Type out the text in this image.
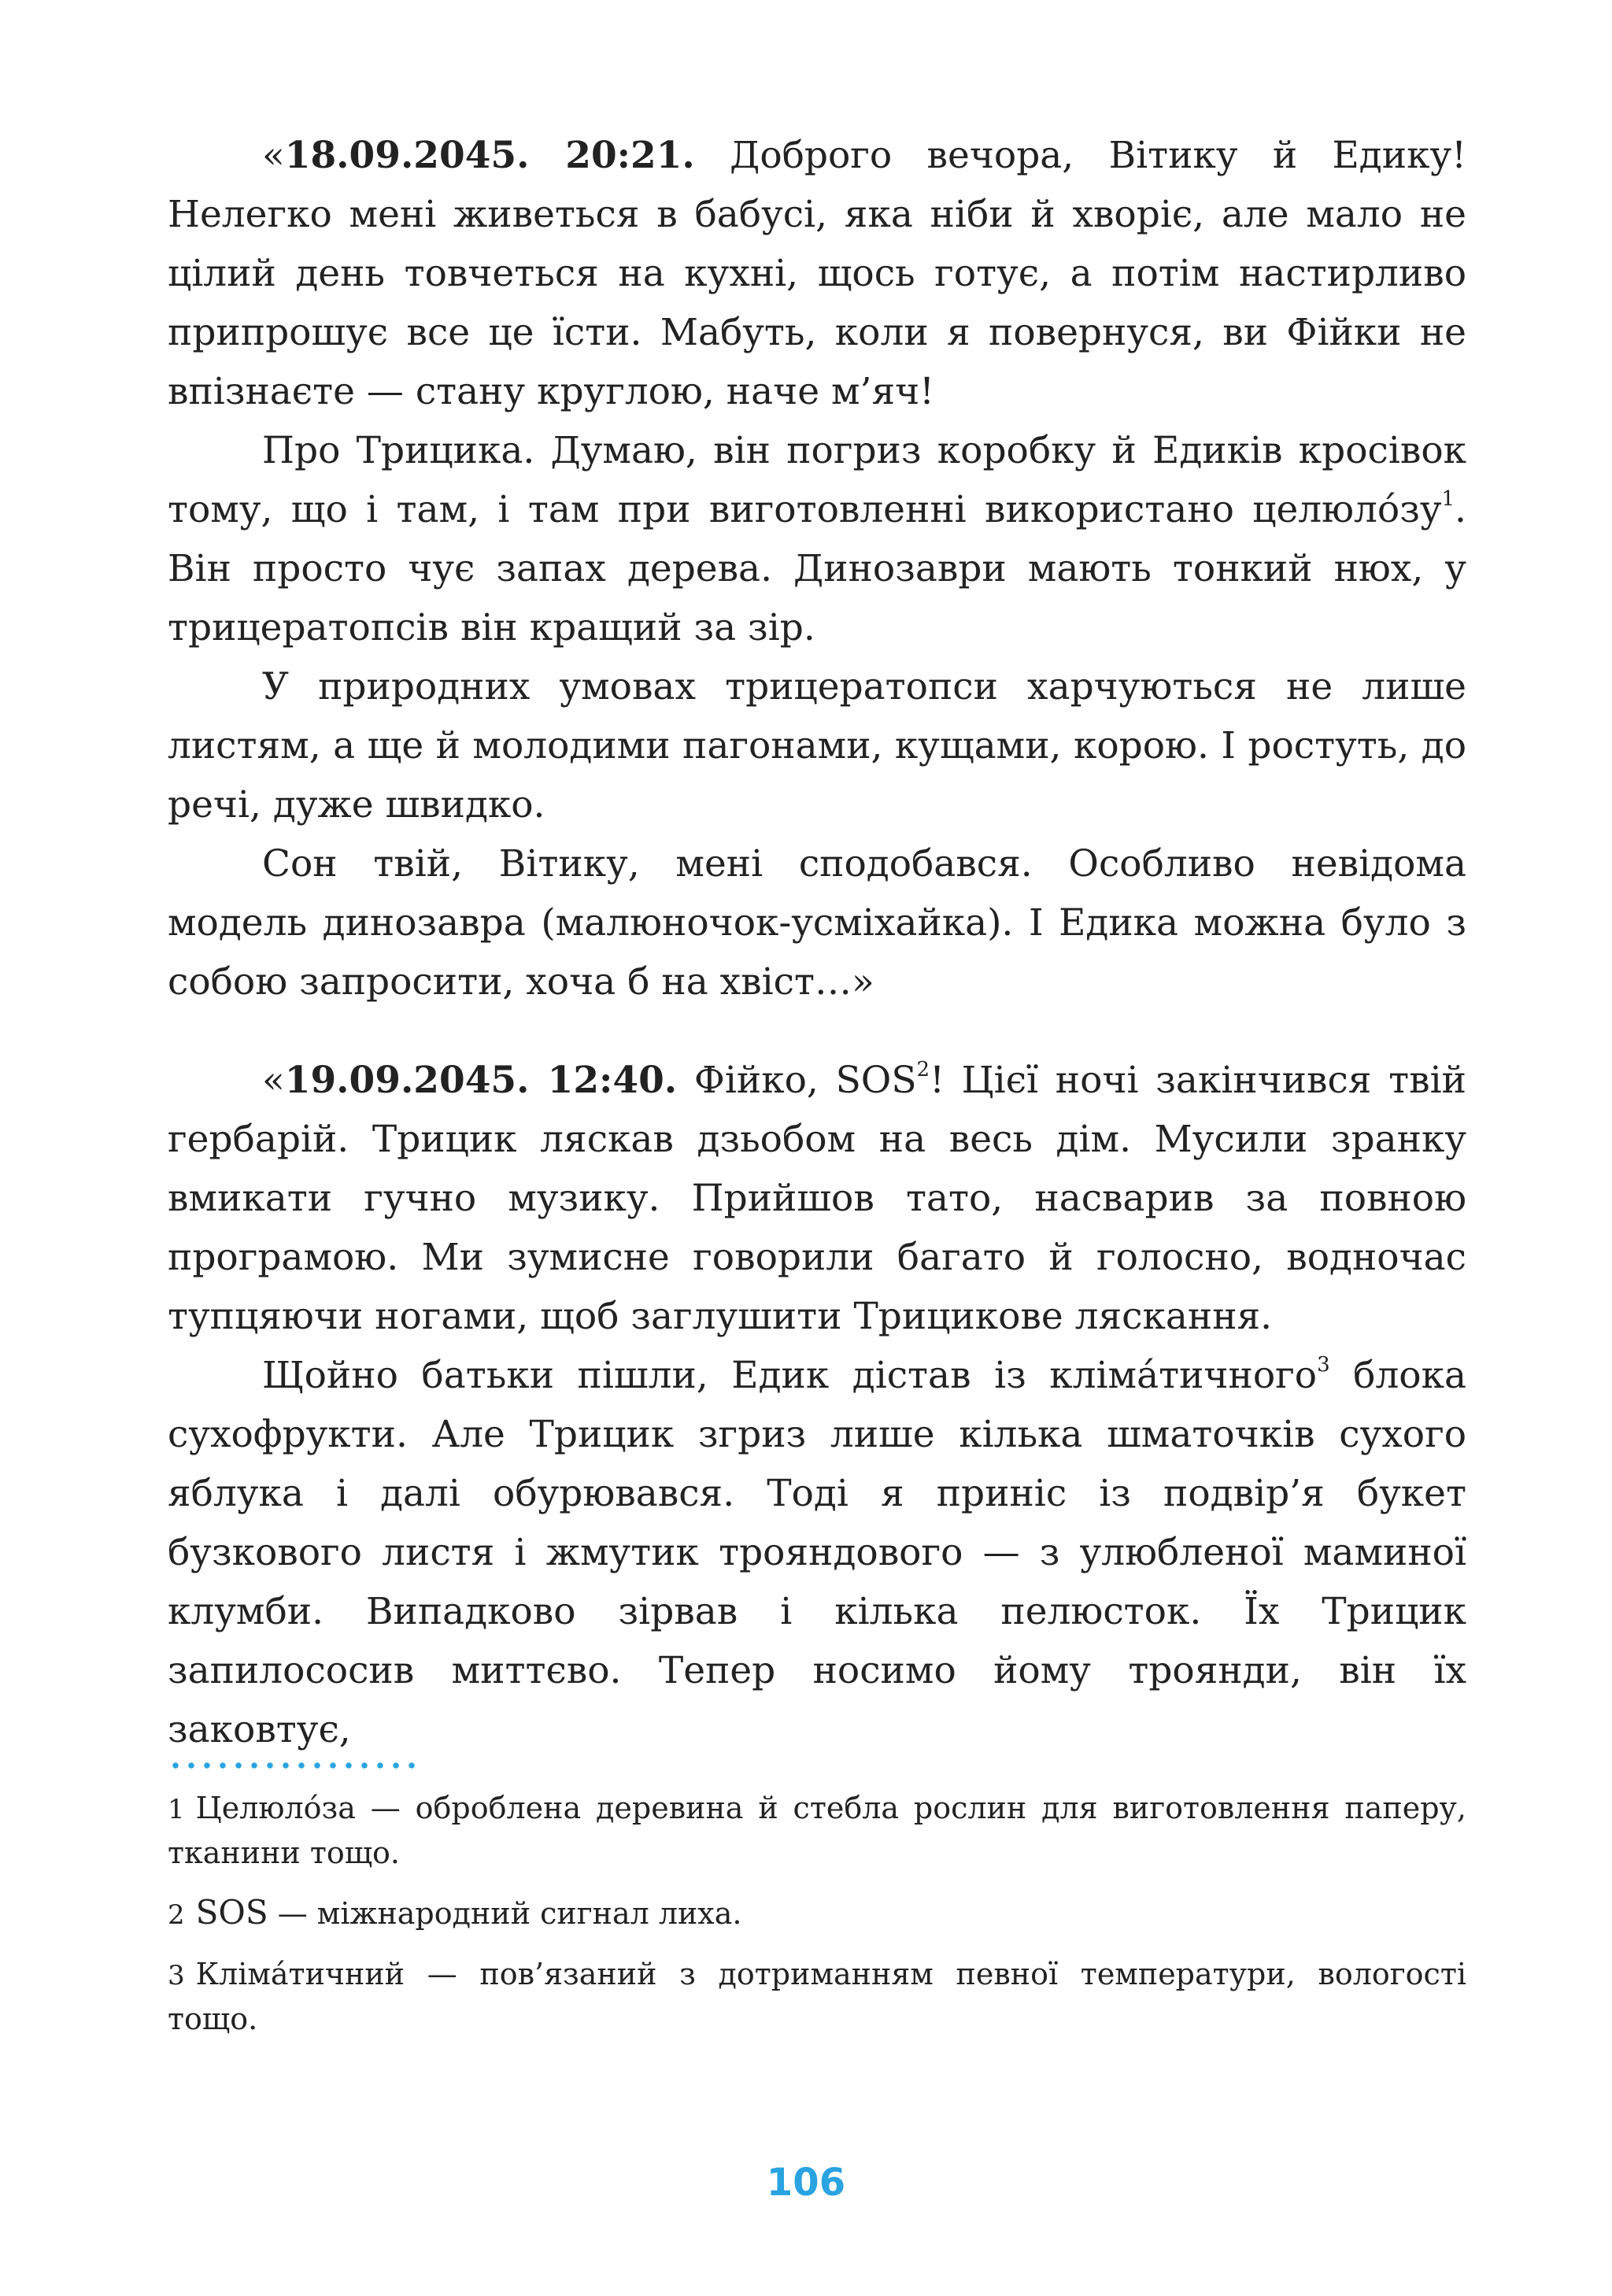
«18.09.2045. 20:21. Доброго вечора, Вітику й Едику! Нелегко мені живеться в бабусі, яка ніби й хворіє, але мало не цілий день товчеться на кухні, щось готує, а потім настирливо припрошує все це їсти. Мабуть, коли я повернуся, ви Фійки не впізнаєте — стану круглою, наче м’яч!

Про Трицика. Думаю, він погриз коробку й Едиків кросівок тому, що і там, і там при виготовленні використано $целюло́зу^1$. Він просто чує запах дерева. Динозаври мають тонкий нюх, у трицератопсів він кращий за зір.

У природних умовах трицератопси харчуються не лише листям, а ще й молодими пагонами, кущами, корою. І ростуть, до речі, дуже швидко.

Сон твій, Вітику, мені сподобався. Особливо невідома модель динозавра (малюночок-усміхайка). І Едика можна було з собою запросити, хоча б на хвіст…»

«19.09.2045. 12:40. Фійко, SOS$^2$! Цієї ночі закінчився твій гербарій. Трицик ляскав дзьобом на весь дім. Мусили зранку вмикати гучно музику. Прийшов тато, насварив за повною програмою. Ми зумисне говорили багато й голосно, водночас тупцяючи ногами, щоб заглушити Трицикове ляскання.

Щойно батьки пішли, Едик дістав із кліма́тичного$^3$ блока сухофрукти. Але Трицик згриз лише кілька шматочків сухого яблука і далі обурювався. Тоді я приніс із подвір’я букет бузкового листя і жмутик трояндового — з улюбленої маминої клумби. Випадково зірвав і кілька пелюсток. Їх Трицик запилососив миттєво. Тепер носимо йому троянди, він їх заковтує,

1 Целюло́за — оброблена деревина й стебла рослин для виготовлення паперу, тканини тощо.

2 SOS — міжнародний сигнал лиха.

3 Кліма́тичний — пов’язаний з дотриманням певної температури, вологості тощо.

106
